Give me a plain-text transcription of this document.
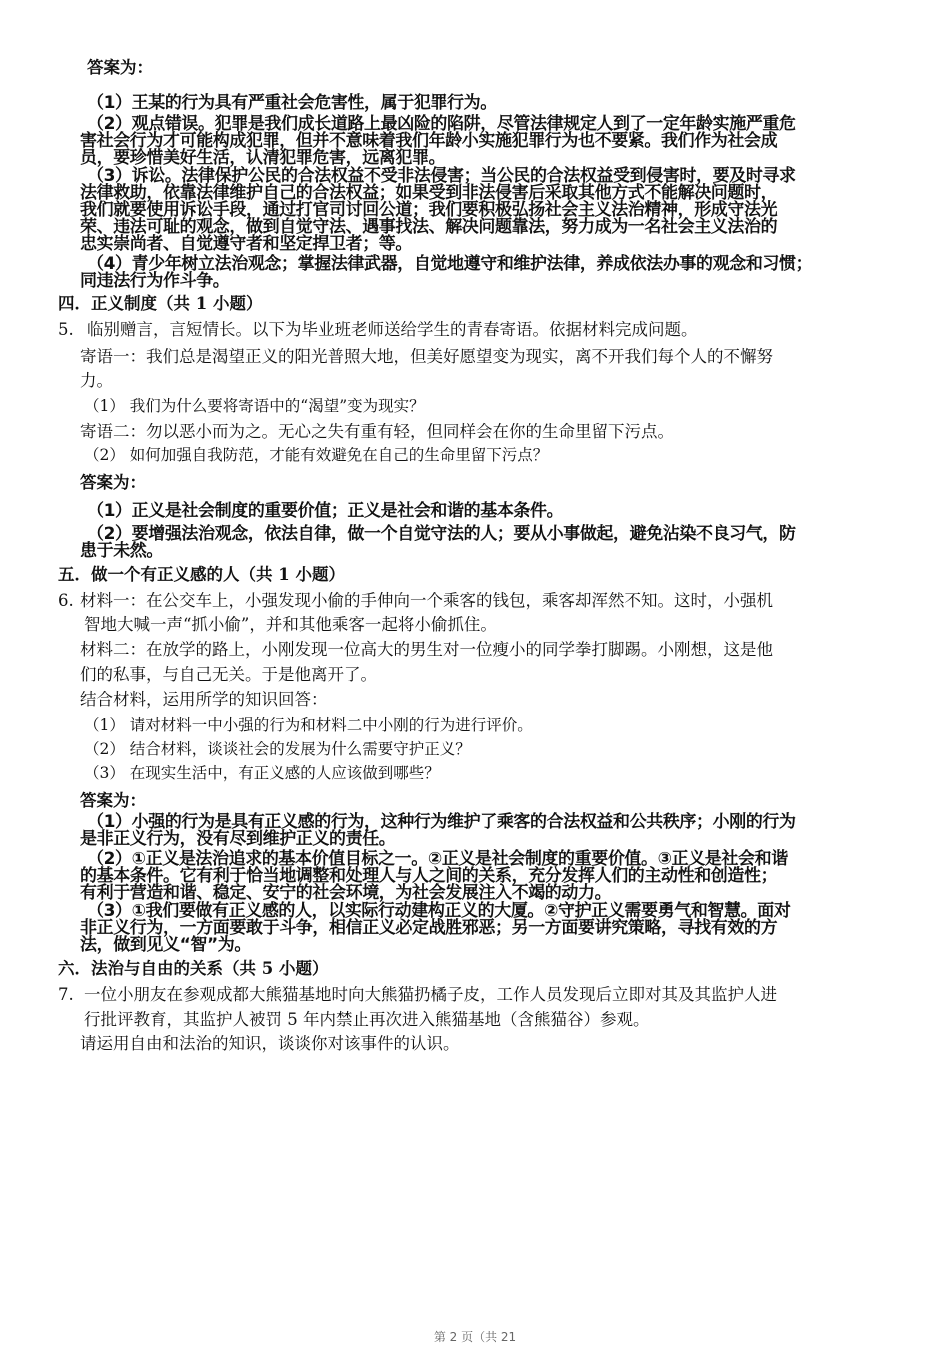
答案为：
（1）王某的行为具有严重社会危害性，属于犯罪行为。
（2）观点错误。犯罪是我们成长道路上最凶险的陷阱，尽管法律规定人到了一定年龄实施严重危
害社会行为才可能构成犯罪，但并不意味着我们年龄小实施犯罪行为也不要紧。我们作为社会成
员，要珍惜美好生活，认清犯罪危害，远离犯罪。
（3）诉讼。法律保护公民的合法权益不受非法侵害；当公民的合法权益受到侵害时，要及时寻求
法律救助，依靠法律维护自己的合法权益；如果受到非法侵害后采取其他方式不能解决问题时，
我们就要使用诉讼手段，通过打官司讨回公道；我们要积极弘扬社会主义法治精神，形成守法光
荣、违法可耻的观念，做到自觉守法、遇事找法、解决问题靠法，努力成为一名社会主义法治的
忠实崇尚者、自觉遵守者和坚定捍卫者；等。
（4）青少年树立法治观念；掌握法律武器，自觉地遵守和维护法律，养成依法办事的观念和习惯；
同违法行为作斗争。
四．正义制度（共 1 小题）
5. 临别赠言，言短情长。以下为毕业班老师送给学生的青春寄语。依据材料完成问题。
寄语一：我们总是渴望正义的阳光普照大地，但美好愿望变为现实，离不开我们每个人的不懈努
力。
（1） 我们为什么要将寄语中的“渴望”变为现实？
寄语二：勿以恶小而为之。无心之失有重有轻，但同样会在你的生命里留下污点。
（2） 如何加强自我防范，才能有效避免在自己的生命里留下污点？
答案为：
（1）正义是社会制度的重要价值；正义是社会和谐的基本条件。
（2）要增强法治观念，依法自律，做一个自觉守法的人；要从小事做起，避免沾染不良习气，防
患于未然。
五．做一个有正义感的人（共 1 小题）
6. 材料一：在公交车上，小强发现小偷的手伸向一个乘客的钱包，乘客却浑然不知。这时，小强机
智地大喊一声“抓小偷”，并和其他乘客一起将小偷抓住。
材料二：在放学的路上，小刚发现一位高大的男生对一位瘦小的同学拳打脚踢。小刚想，这是他
们的私事，与自己无关。于是他离开了。
结合材料，运用所学的知识回答：
（1） 请对材料一中小强的行为和材料二中小刚的行为进行评价。
（2） 结合材料，谈谈社会的发展为什么需要守护正义？
（3） 在现实生活中，有正义感的人应该做到哪些？
答案为：
（1）小强的行为是具有正义感的行为，这种行为维护了乘客的合法权益和公共秩序；小刚的行为
是非正义行为，没有尽到维护正义的责任。
（2）①正义是法治追求的基本价值目标之一。②正义是社会制度的重要价值。③正义是社会和谐
的基本条件。它有利于恰当地调整和处理人与人之间的关系，充分发挥人们的主动性和创造性；
有利于营造和谐、稳定、安宁的社会环境，为社会发展注入不竭的动力。
（3）①我们要做有正义感的人，以实际行动建构正义的大厦。②守护正义需要勇气和智慧。面对
非正义行为，一方面要敢于斗争，相信正义必定战胜邪恶；另一方面要讲究策略，寻找有效的方
法，做到见义“智”为。
六．法治与自由的关系（共 5 小题）
7. 一位小朋友在参观成都大熊猫基地时向大熊猫扔橘子皮，工作人员发现后立即对其及其监护人进
行批评教育，其监护人被罚 5 年内禁止再次进入熊猫基地（含熊猫谷）参观。
请运用自由和法治的知识，谈谈你对该事件的认识。
第 2 页（共 21
